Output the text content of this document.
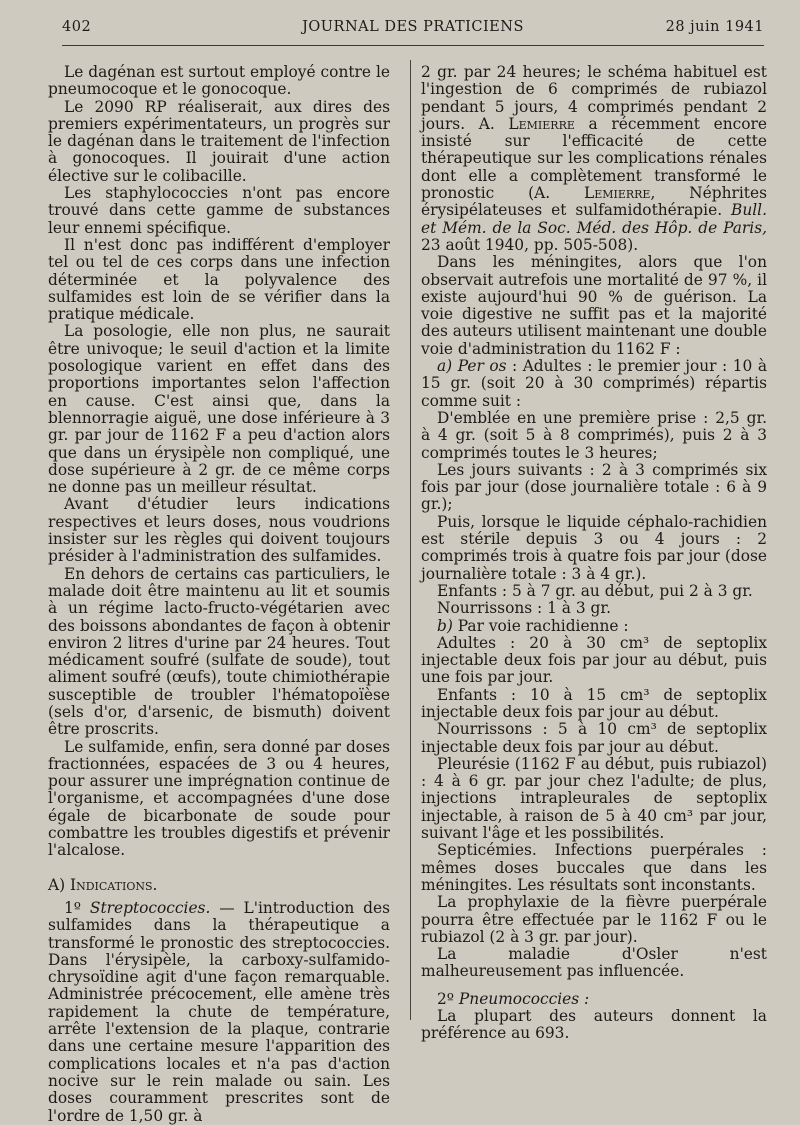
402	JOURNAL DES PRATICIENS	28 juin 1941

Le dagénan est surtout employé contre le pneumocoque et le gonocoque.

Le 2090 RP réaliserait, aux dires des premiers expérimentateurs, un progrès sur le dagénan dans le traitement de l'infection à gonocoques. Il jouirait d'une action élective sur le colibacille.

Les staphylococcies n'ont pas encore trouvé dans cette gamme de substances leur ennemi spécifique.

Il n'est donc pas indifférent d'employer tel ou tel de ces corps dans une infection déterminée et la polyvalence des sulfamides est loin de se vérifier dans la pratique médicale.

La posologie, elle non plus, ne saurait être univoque; le seuil d'action et la limite posologique varient en effet dans des proportions importantes selon l'affection en cause. C'est ainsi que, dans la blennorragie aiguë, une dose inférieure à 3 gr. par jour de 1162 F a peu d'action alors que dans un érysipèle non compliqué, une dose supérieure à 2 gr. de ce même corps ne donne pas un meilleur résultat.

Avant d'étudier leurs indications respectives et leurs doses, nous voudrions insister sur les règles qui doivent toujours présider à l'administration des sulfamides.

En dehors de certains cas particuliers, le malade doit être maintenu au lit et soumis à un régime lacto-fructo-végétarien avec des boissons abondantes de façon à obtenir environ 2 litres d'urine par 24 heures. Tout médicament soufré (sulfate de soude), tout aliment soufré (œufs), toute chimiothérapie susceptible de troubler l'hématopoïèse (sels d'or, d'arsenic, de bismuth) doivent être proscrits.

Le sulfamide, enfin, sera donné par doses fractionnées, espacées de 3 ou 4 heures, pour assurer une imprégnation continue de l'organisme, et accompagnées d'une dose égale de bicarbonate de soude pour combattre les troubles digestifs et prévenir l'alcalose.

A) Indications.

1º Streptococcies. — L'introduction des sulfamides dans la thérapeutique a transformé le pronostic des streptococcies. Dans l'érysipèle, la carboxy-sulfamido-chrysoïdine agit d'une façon remarquable. Administrée précocement, elle amène très rapidement la chute de température, arrête l'extension de la plaque, contrarie dans une certaine mesure l'apparition des complications locales et n'a pas d'action nocive sur le rein malade ou sain. Les doses couramment prescrites sont de l'ordre de 1,50 gr. à

2 gr. par 24 heures; le schéma habituel est l'ingestion de 6 comprimés de rubiazol pendant 5 jours, 4 comprimés pendant 2 jours. A. Lemierre a récemment encore insisté sur l'efficacité de cette thérapeutique sur les complications rénales dont elle a complètement transformé le pronostic (A. Lemierre, Néphrites érysipélateuses et sulfamidothérapie. Bull. et Mém. de la Soc. Méd. des Hôp. de Paris, 23 août 1940, pp. 505-508).

Dans les méningites, alors que l'on observait autrefois une mortalité de 97 %, il existe aujourd'hui 90 % de guérison. La voie digestive ne suffit pas et la majorité des auteurs utilisent maintenant une double voie d'administration du 1162 F :

a) Per os : Adultes : le premier jour : 10 à 15 gr. (soit 20 à 30 comprimés) répartis comme suit :

D'emblée en une première prise : 2,5 gr. à 4 gr. (soit 5 à 8 comprimés), puis 2 à 3 comprimés toutes le 3 heures;

Les jours suivants : 2 à 3 comprimés six fois par jour (dose journalière totale : 6 à 9 gr.);

Puis, lorsque le liquide céphalo-rachidien est stérile depuis 3 ou 4 jours : 2 comprimés trois à quatre fois par jour (dose journalière totale : 3 à 4 gr.).

Enfants : 5 à 7 gr. au début, pui 2 à 3 gr.

Nourrissons : 1 à 3 gr.

b) Par voie rachidienne :

Adultes : 20 à 30 cm³ de septoplix injectable deux fois par jour au début, puis une fois par jour.

Enfants : 10 à 15 cm³ de septoplix injectable deux fois par jour au début.

Nourrissons : 5 à 10 cm³ de septoplix injectable deux fois par jour au début.

Pleurésie (1162 F au début, puis rubiazol) : 4 à 6 gr. par jour chez l'adulte; de plus, injections intrapleurales de septoplix injectable, à raison de 5 à 40 cm³ par jour, suivant l'âge et les possibilités.

Septicémies. Infections puerpérales : mêmes doses buccales que dans les méningites. Les résultats sont inconstants.

La prophylaxie de la fièvre puerpérale pourra être effectuée par le 1162 F ou le rubiazol (2 à 3 gr. par jour).

La maladie d'Osler n'est malheureusement pas influencée.

2º Pneumococcies :

La plupart des auteurs donnent la préférence au 693.
